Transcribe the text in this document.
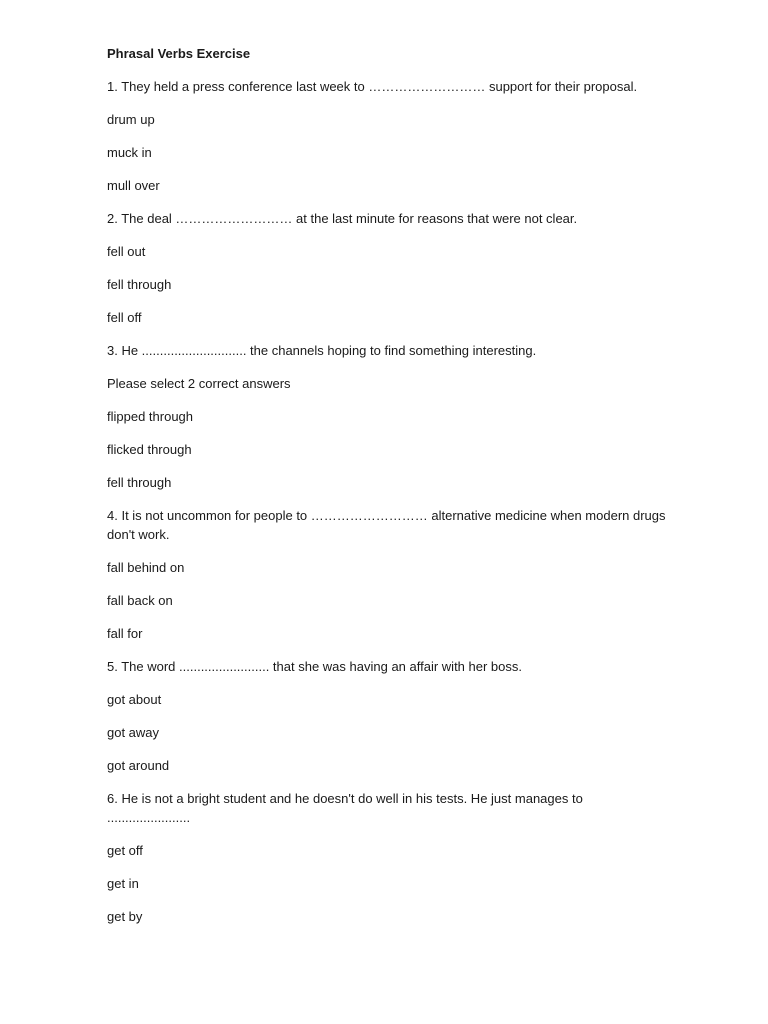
Phrasal Verbs Exercise
1. They held a press conference last week to ……………………… support for their proposal.
drum up
muck in
mull over
2. The deal ……………………… at the last minute for reasons that were not clear.
fell out
fell through
fell off
3. He ............................. the channels hoping to find something interesting.
Please select 2 correct answers
flipped through
flicked through
fell through
4. It is not uncommon for people to ……………………… alternative medicine when modern drugs don't work.
fall behind on
fall back on
fall for
5. The word ......................... that she was having an affair with her boss.
got about
got away
got around
6. He is not a bright student and he doesn't do well in his tests. He just manages to .......................
get off
get in
get by
